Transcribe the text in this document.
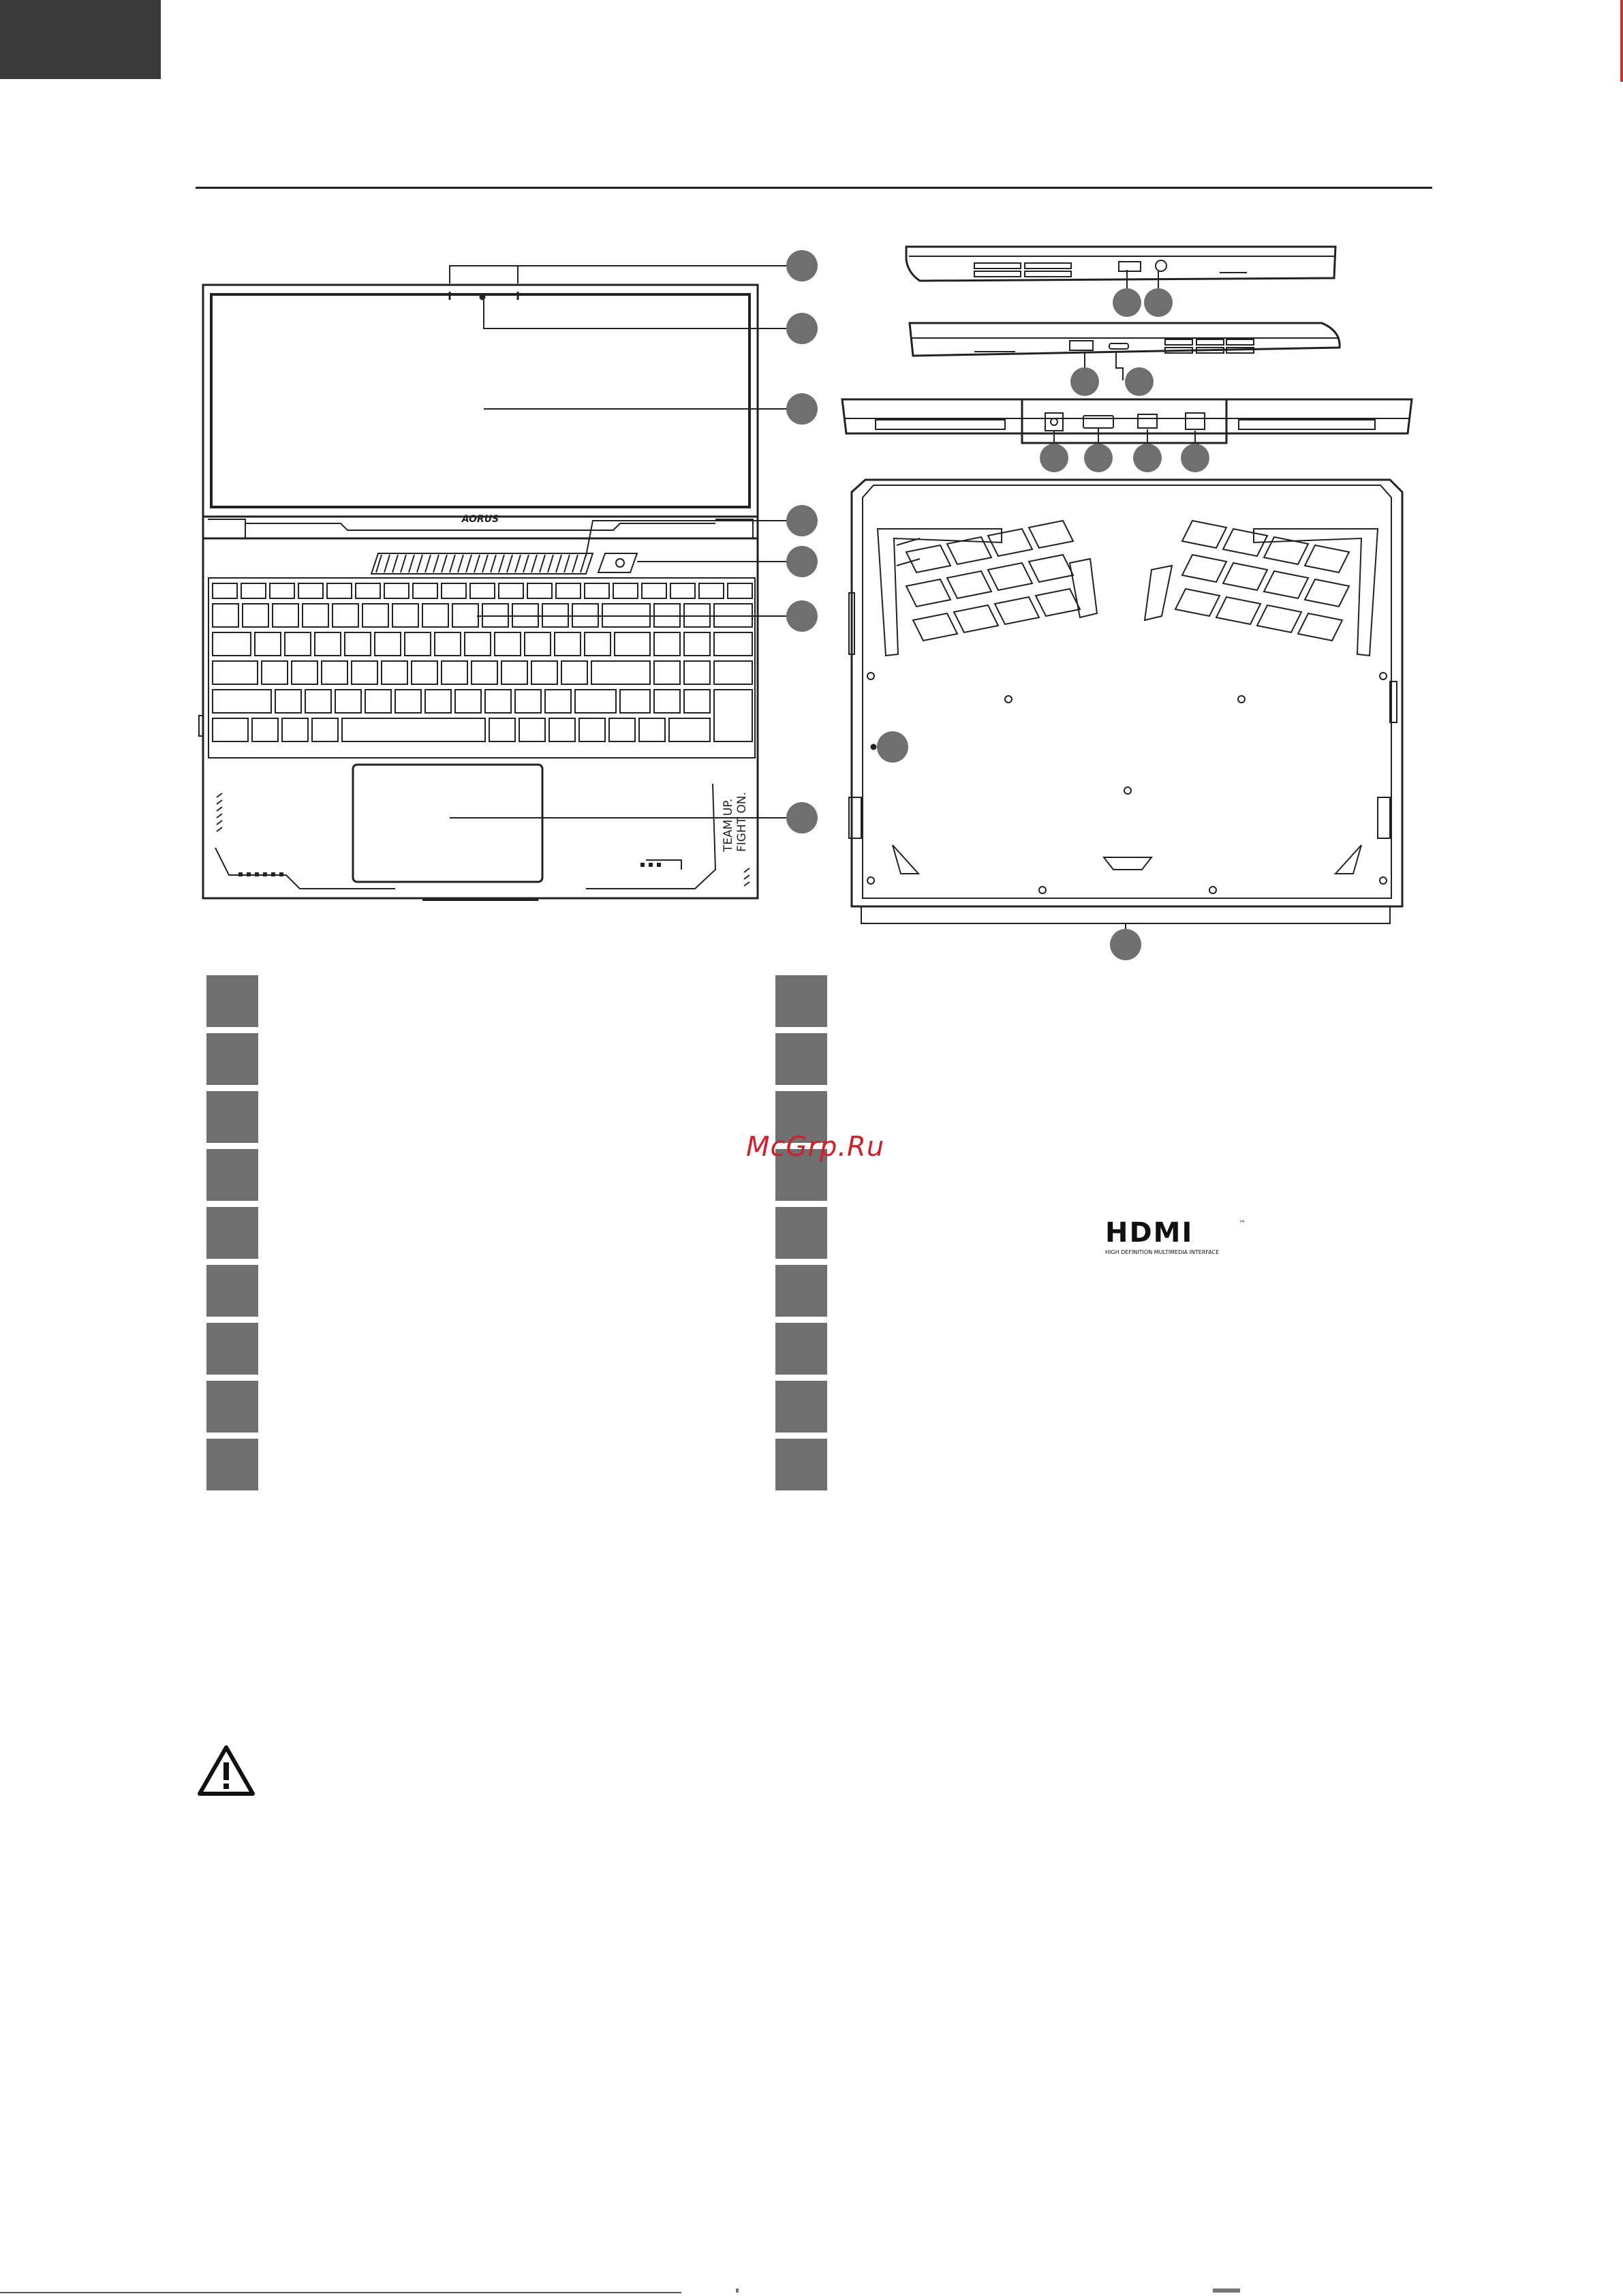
AORUS
TEAM UP. FIGHT ON.
McGrp.Ru
HDMI	™
HIGH DEFINITION MULTIMEDIA INTERFACE
